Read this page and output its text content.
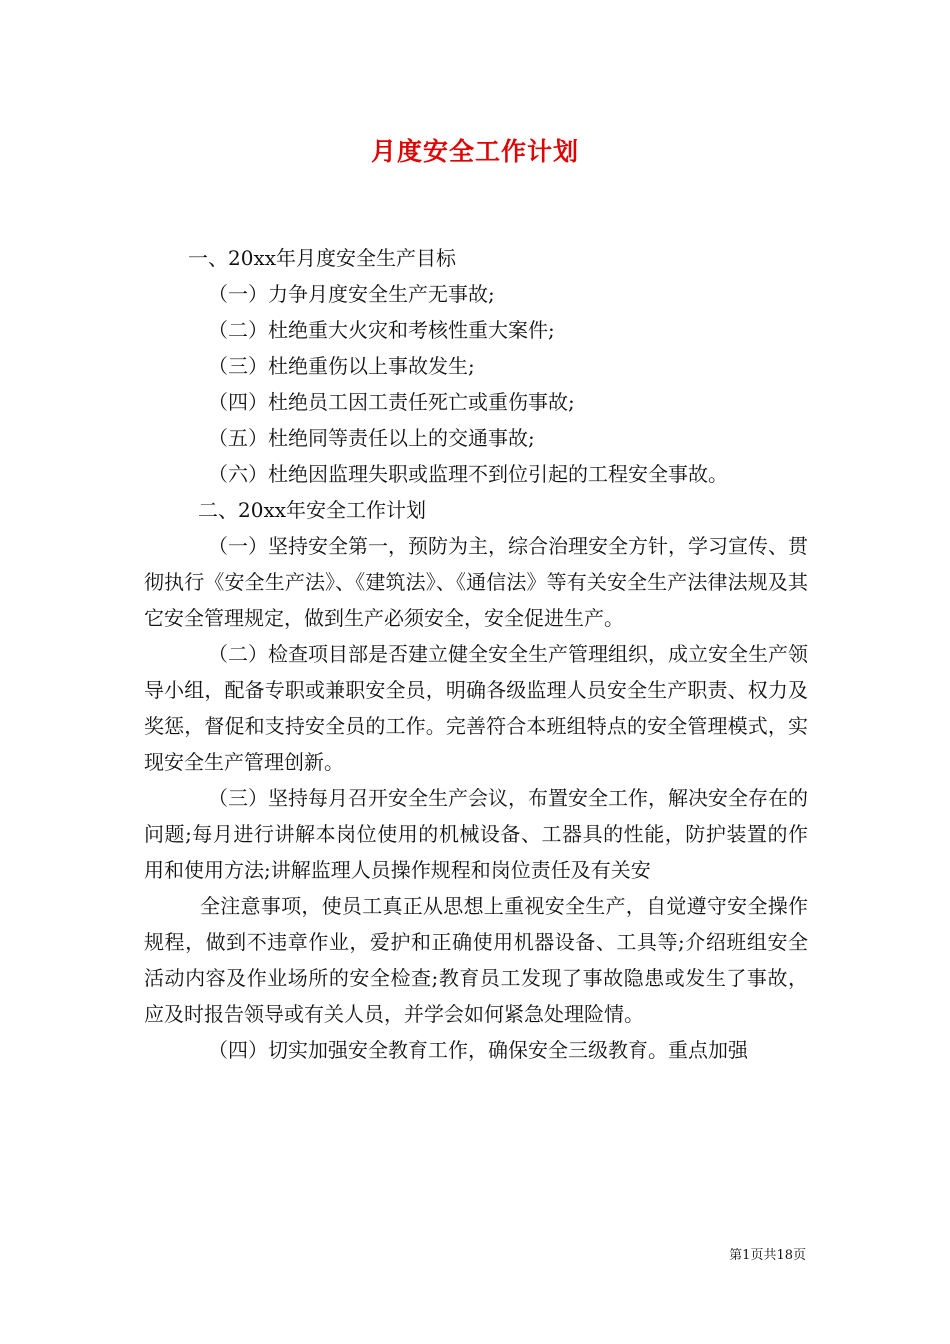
月度安全工作计划
一、20xx年月度安全生产目标
（一）力争月度安全生产无事故;
（二）杜绝重大火灾和考核性重大案件;
（三）杜绝重伤以上事故发生;
（四）杜绝员工因工责任死亡或重伤事故;
（五）杜绝同等责任以上的交通事故;
（六）杜绝因监理失职或监理不到位引起的工程安全事故。
二、20xx年安全工作计划
（一）坚持安全第一，预防为主，综合治理安全方针，学习宣传、贯彻执行《安全生产法》、《建筑法》、《通信法》等有关安全生产法律法规及其它安全管理规定，做到生产必须安全，安全促进生产。
（二）检查项目部是否建立健全安全生产管理组织，成立安全生产领导小组，配备专职或兼职安全员，明确各级监理人员安全生产职责、权力及奖惩，督促和支持安全员的工作。完善符合本班组特点的安全管理模式，实现安全生产管理创新。
（三）坚持每月召开安全生产会议，布置安全工作，解决安全存在的问题;每月进行讲解本岗位使用的机械设备、工器具的性能，防护装置的作用和使用方法;讲解监理人员操作规程和岗位责任及有关安
全注意事项，使员工真正从思想上重视安全生产，自觉遵守安全操作规程，做到不违章作业，爱护和正确使用机器设备、工具等;介绍班组安全活动内容及作业场所的安全检查;教育员工发现了事故隐患或发生了事故，应及时报告领导或有关人员，并学会如何紧急处理险情。
（四）切实加强安全教育工作，确保安全三级教育。重点加强
第1页共18页
